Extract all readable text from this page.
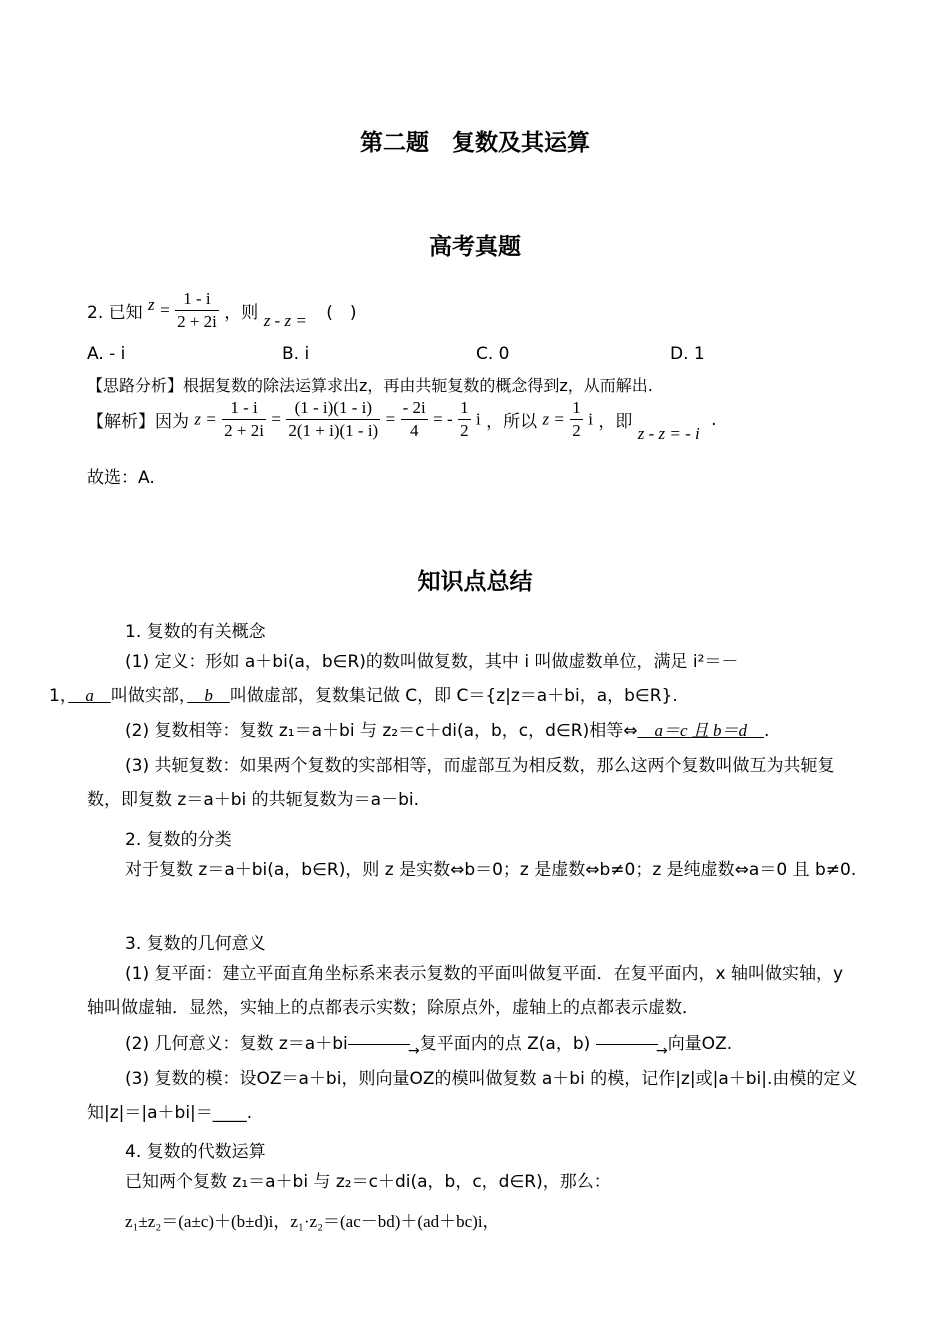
第二题　复数及其运算
高考真题
2. 已知 $z = \frac{1 - i}{2 + 2i}$ ，则 z - z = (　)
A. - i	B. i	C. 0	D. 1
【思路分析】根据复数的除法运算求出z，再由共轭复数的概念得到z，从而解出.
【解析】因为 $z = \frac{1 - i}{2 + 2i} = \frac{(1 - i)(1 - i)}{2(1 + i)(1 - i)} = \frac{- 2i}{4}$ = - $\frac{1}{2}$ i ，所以 $z = \frac{1}{2}$ i ，即 z - z = - i .
故选：A.
知识点总结
1. 复数的有关概念
(1) 定义：形如 a＋bi(a，b∈R)的数叫做复数，其中 i 叫做虚数单位，满足 i²＝－
1，　a　叫做实部，　b　叫做虚部，复数集记做 C，即 C＝{z|z＝a＋bi，a，b∈R}.
(2) 复数相等：复数 z₁＝a＋bi 与 z₂＝c＋di(a，b，c，d∈R)相等⇔　a＝c 且 b＝d　.
(3) 共轭复数：如果两个复数的实部相等，而虚部互为相反数，那么这两个复数叫做互为共轭复数，即复数 z＝a＋bi 的共轭复数为＝a－bi.
2. 复数的分类
对于复数 z＝a＋bi(a，b∈R)，则 z 是实数⇔b＝0；z 是虚数⇔b≠0；z 是纯虚数⇔a＝0 且 b≠0.
3. 复数的几何意义
(1) 复平面：建立平面直角坐标系来表示复数的平面叫做复平面．在复平面内，x 轴叫做实轴，y 轴叫做虚轴．显然，实轴上的点都表示实数；除原点外，虚轴上的点都表示虚数．
(2) 几何意义：复数 z＝a＋bi →	复平面内的点 Z(a，b) →	向量OZ.
(3) 复数的模：设OZ＝a＋bi，则向量OZ的模叫做复数 a＋bi 的模，记作|z|或|a＋bi|.由模的定义知|z|＝|a＋bi|＝____.
4. 复数的代数运算
已知两个复数 z₁＝a＋bi 与 z₂＝c＋di(a，b，c，d∈R)，那么：
z₁±z₂＝(a±c)＋(b±d)i，z₁·z₂＝(ac－bd)＋(ad＋bc)i，
